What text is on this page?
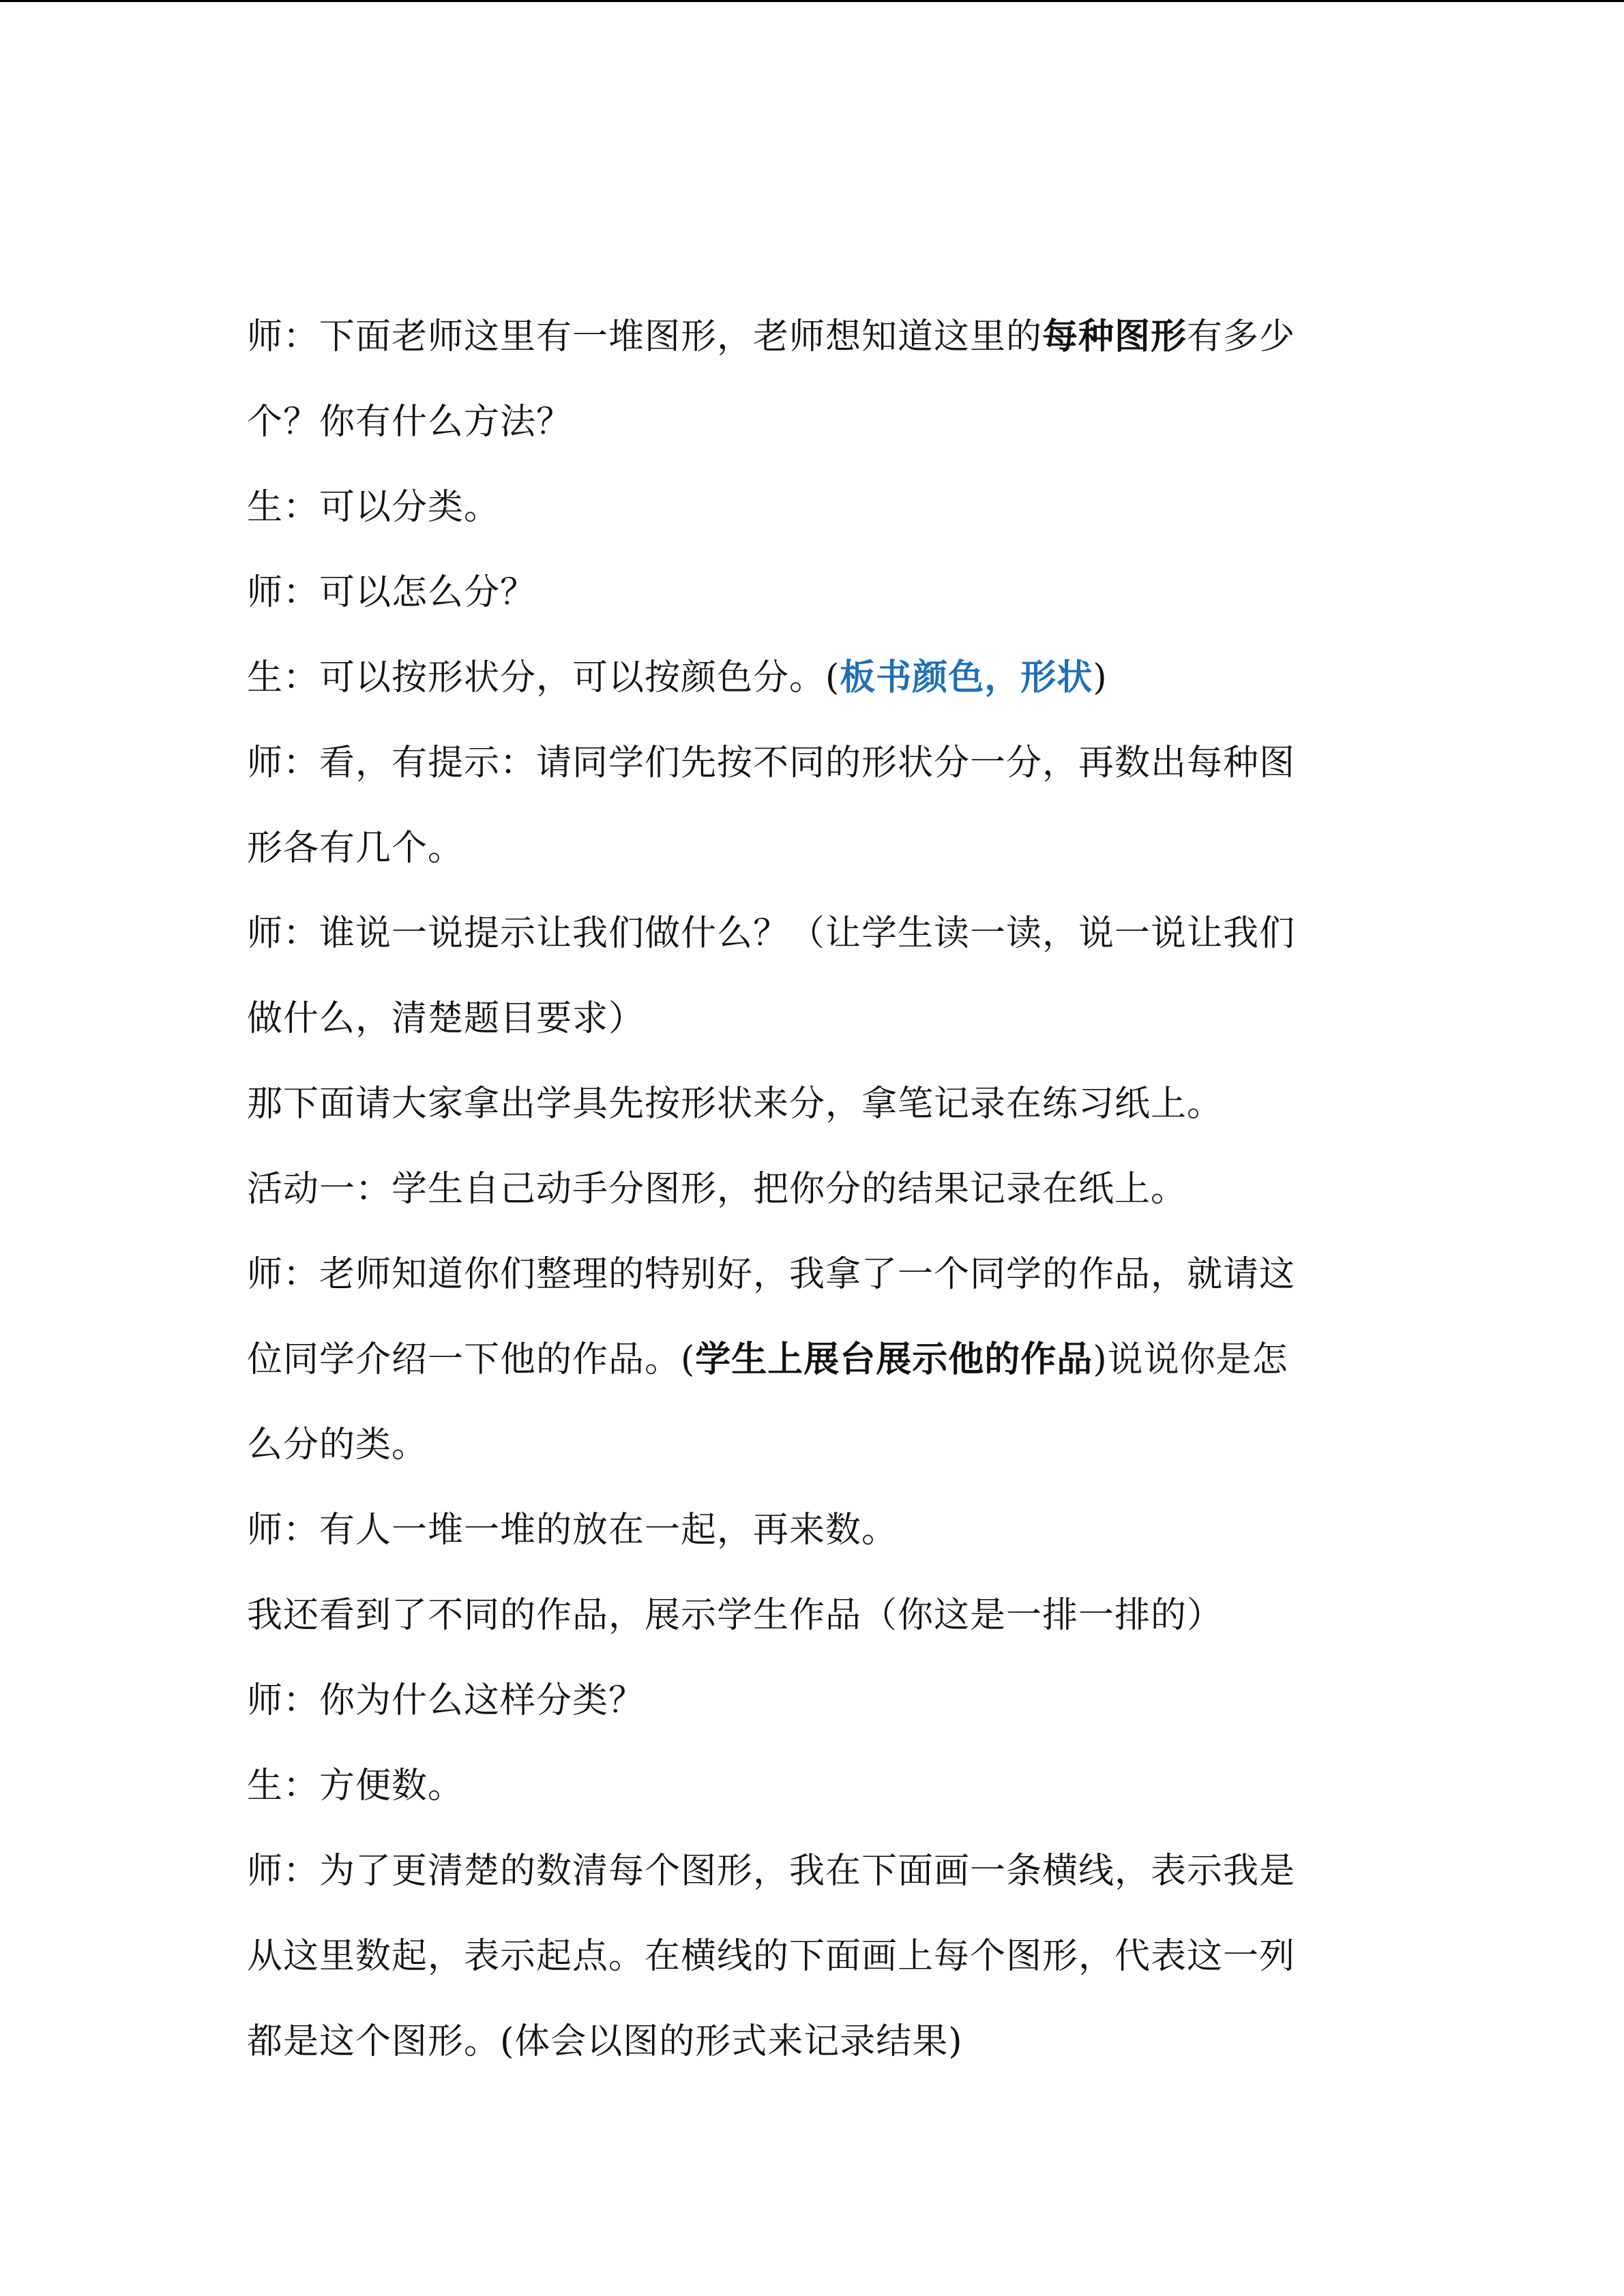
师：下面老师这里有一堆图形，老师想知道这里的每种图形有多少
个？你有什么方法？
生：可以分类。
师：可以怎么分？
生：可以按形状分，可以按颜色分。(板书颜色，形状)
师：看，有提示：请同学们先按不同的形状分一分，再数出每种图
形各有几个。
师：谁说一说提示让我们做什么？（让学生读一读，说一说让我们
做什么，清楚题目要求）
那下面请大家拿出学具先按形状来分，拿笔记录在练习纸上。
活动一：学生自己动手分图形，把你分的结果记录在纸上。
师：老师知道你们整理的特别好，我拿了一个同学的作品，就请这
位同学介绍一下他的作品。(学生上展台展示他的作品)说说你是怎
么分的类。
师：有人一堆一堆的放在一起，再来数。
我还看到了不同的作品，展示学生作品（你这是一排一排的）
师：你为什么这样分类？
生：方便数。
师：为了更清楚的数清每个图形，我在下面画一条横线，表示我是
从这里数起，表示起点。在横线的下面画上每个图形，代表这一列
都是这个图形。(体会以图的形式来记录结果)
